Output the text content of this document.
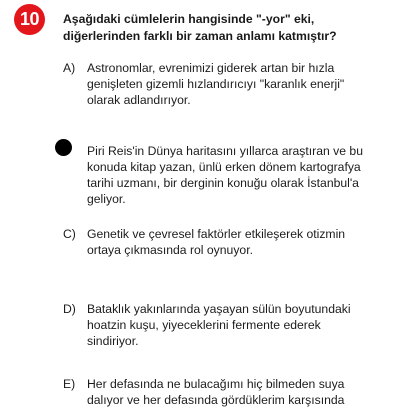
10	Aşağıdaki cümlelerin hangisinde "-yor" eki,
diğerlerinden farklı bir zaman anlamı katmıştır?
A) Astronomlar, evrenimizi giderek artan bir hızla
genişleten gizemli hızlandırıcıyı "karanlık enerji"
olarak adlandırıyor.
Piri Reis'in Dünya haritasını yıllarca araştıran ve bu
konuda kitap yazan, ünlü erken dönem kartografya
tarihi uzmanı, bir derginin konuğu olarak İstanbul'a
geliyor.
C) Genetik ve çevresel faktörler etkileşerek otizmin
ortaya çıkmasında rol oynuyor.
D) Bataklık yakınlarında yaşayan sülün boyutundaki
hoatzin kuşu, yiyeceklerini fermente ederek
sindiriyor.
E) Her defasında ne bulacağımı hiç bilmeden suya
dalıyor ve her defasında gördüklerim karşısında
